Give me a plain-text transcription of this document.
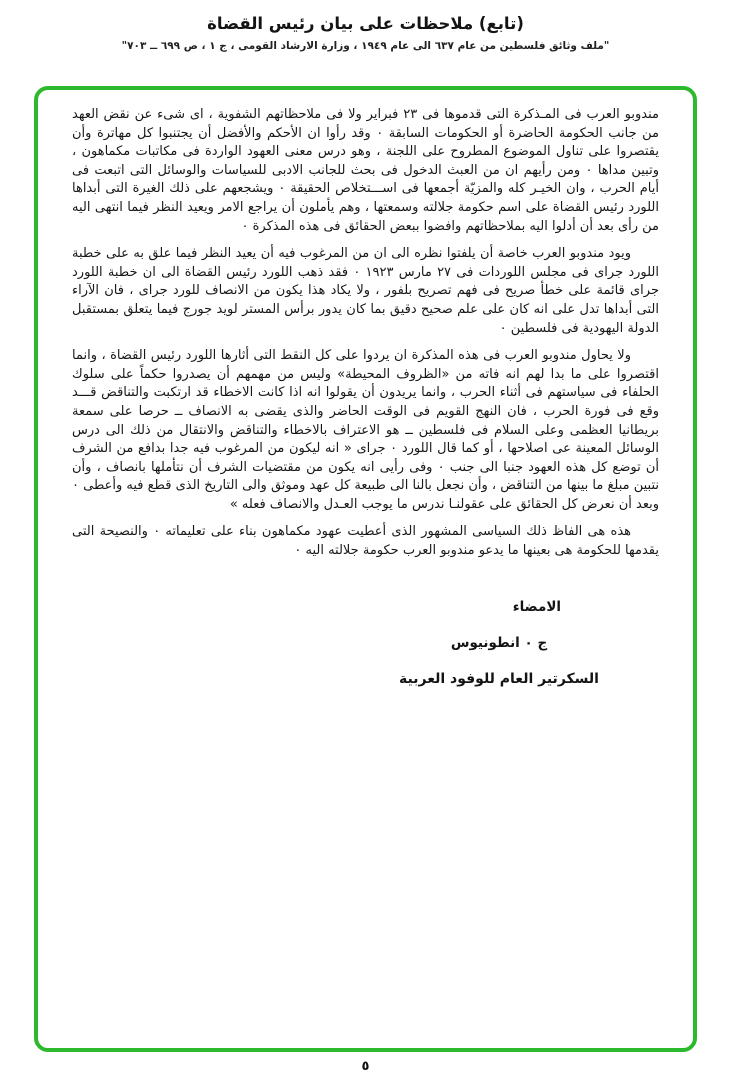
(تابع) ملاحظات على بيان رئيس القضاة
"ملف وثائق فلسطين من عام ٦٣٧ الى عام ١٩٤٩ ، وزارة الارشاد القومى ، ج ١ ، ص ٦٩٩ ــ ٧٠٣"

مندوبو العرب فى المـذكرة التى قدموها فى ٢٣ فبراير ولا فى ملاحظاتهم الشفوية ، اى شىء عن نقض العهد من جانب الحكومة الحاضرة أو الحكومات السابقة ٠ وقد رأوا ان الأحكم والأفضل أن يجتنبوا كل مهاترة وأن يقتصروا على تناول الموضوع المطروح على اللجنة ، وهو درس معنى العهود الواردة فى مكاتبات مكماهون ، وتبين مداها ٠ ومن رأيهم ان من العبث الدخول فى بحث للجانب الادبى للسياسات والوسائل التى اتبعت فى أيام الحرب ، وان الخيـر كله والمزيّة أجمعها فى اســـتخلاص الحقيقة ٠ ويشجعهم على ذلك الغيرة التى أبداها اللورد رئيس القضاة على اسم حكومة جلالته وسمعتها ، وهم يأملون أن يراجع الامر ويعيد النظر فيما انتهى اليه من رأى بعد أن أدلوا اليه بملاحظاتهم وافضوا ببعض الحقائق فى هذه المذكرة ٠

ويود مندوبو العرب خاصة أن يلفتوا نظره الى ان من المرغوب فيه أن يعيد النظر فيما علق به على خطبة اللورد جراى فى مجلس اللوردات فى ٢٧ مارس ١٩٢٣ ٠ فقد ذهب اللورد رئيس القضاة الى ان خطبة اللورد جراى قائمة على خطأ صريح فى فهم تصريح بلفور ، ولا يكاد هذا يكون من الانصاف للورد جراى ، فان الآراء التى أبداها تدل على انه كان على علم صحيح دقيق بما كان يدور برأس المستر لويد جورج فيما يتعلق بمستقبل الدولة اليهودية فى فلسطين ٠

ولا يحاول مندوبو العرب فى هذه المذكرة ان يردوا على كل النقط التى أثارها اللورد رئيس القضاة ، وانما اقتصروا على ما بدا لهم انه فاته من «الظروف المحيطة» وليس من مهمهم أن يصدروا حكماً على سلوك الحلفاء فى سياستهم فى أثناء الحرب ، وانما يريدون أن يقولوا انه اذا كانت الاخطاء قد ارتكبت والتناقض قـــد وقع فى فورة الحرب ، فان النهج القويم فى الوقت الحاضر والذى يقضى به الانصاف ــ حرصا على سمعة بريطانيا العظمى وعلى السلام فى فلسطين ــ هو الاعتراف بالاخطاء والتناقض والانتقال من ذلك الى درس الوسائل المعينة عى اصلاحها ، أو كما قال اللورد ٠ جراى « انه ليكون من المرغوب فيه جدا بدافع من الشرف أن توضع كل هذه العهود جنبا الى جنب ٠ وفى رأيى انه يكون من مقتضيات الشرف أن نتأملها بانصاف ، وأن نتبين مبلغ ما بينها من التناقض ، وأن نجعل بالنا الى طبيعة كل عهد وموثق والى التاريخ الذى قطع فيه وأعطى ٠ وبعد أن نعرض كل الحقائق على عقولنـا ندرس ما يوجب العـدل والانصاف فعله »

هذه هى الفاظ ذلك السياسى المشهور الذى أعطيت عهود مكماهون بناء على تعليماته ٠ والنصيحة التى يقدمها للحكومة هى بعينها ما يدعو مندوبو العرب حكومة جلالته اليه ٠

الامضاء
ج ٠ انطونيوس
السكرتير العام للوفود العربية
٥
